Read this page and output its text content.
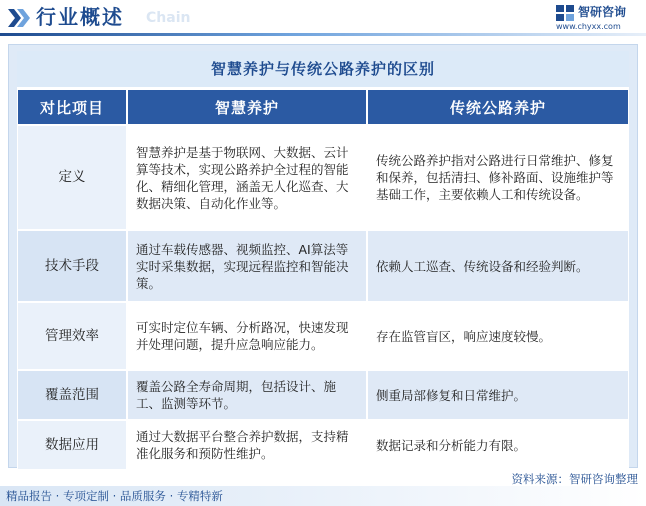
行业概述 Chain	智研咨询
www.chyxx.com
智慧养护与传统公路养护的区别
对比项目	智慧养护	传统公路养护
定义	智慧养护是基于物联网、大数据、云计算等技术，实现公路养护全过程的智能化、精细化管理，涵盖无人化巡查、大数据决策、自动化作业等。	传统公路养护指对公路进行日常维护、修复和保养，包括清扫、修补路面、设施维护等基础工作，主要依赖人工和传统设备。
技术手段	通过车载传感器、视频监控、AI算法等实时采集数据，实现远程监控和智能决策。	依赖人工巡查、传统设备和经验判断。
管理效率	可实时定位车辆、分析路况，快速发现并处理问题，提升应急响应能力。	存在监管盲区，响应速度较慢。
覆盖范围	覆盖公路全寿命周期，包括设计、施工、监测等环节。	侧重局部修复和日常维护。
数据应用	通过大数据平台整合养护数据，支持精准化服务和预防性维护。	数据记录和分析能力有限。
资料来源：智研咨询整理
精品报告 · 专项定制 · 品质服务 · 专精特新
